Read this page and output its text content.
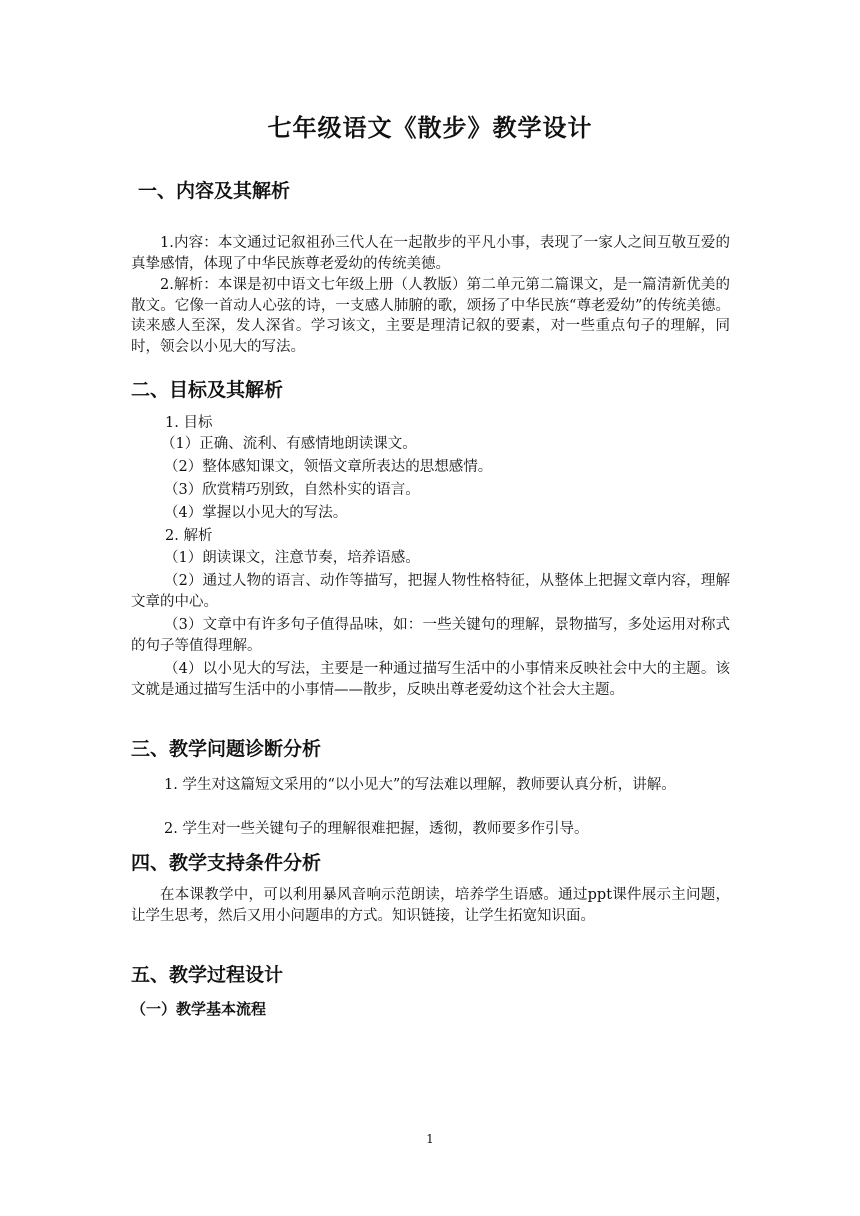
七年级语文《散步》教学设计
一、内容及其解析
1.内容：本文通过记叙祖孙三代人在一起散步的平凡小事，表现了一家人之间互敬互爱的真挚感情，体现了中华民族尊老爱幼的传统美德。
2.解析：本课是初中语文七年级上册（人教版）第二单元第二篇课文，是一篇清新优美的散文。它像一首动人心弦的诗，一支感人肺腑的歌，颂扬了中华民族“尊老爱幼”的传统美德。读来感人至深，发人深省。学习该文，主要是理清记叙的要素，对一些重点句子的理解，同时，领会以小见大的写法。
二、目标及其解析
1. 目标
（1）正确、流利、有感情地朗读课文。
（2）整体感知课文，领悟文章所表达的思想感情。
（3）欣赏精巧别致，自然朴实的语言。
（4）掌握以小见大的写法。
2. 解析
（1）朗读课文，注意节奏，培养语感。
（2）通过人物的语言、动作等描写，把握人物性格特征，从整体上把握文章内容，理解文章的中心。
（3）文章中有许多句子值得品味，如：一些关键句的理解，景物描写，多处运用对称式的句子等值得理解。
（4）以小见大的写法，主要是一种通过描写生活中的小事情来反映社会中大的主题。该文就是通过描写生活中的小事情——散步，反映出尊老爱幼这个社会大主题。
三、教学问题诊断分析
1. 学生对这篇短文采用的“以小见大”的写法难以理解，教师要认真分析，讲解。
2. 学生对一些关键句子的理解很难把握，透彻，教师要多作引导。
四、教学支持条件分析
在本课教学中，可以利用暴风音响示范朗读，培养学生语感。通过ppt课件展示主问题，让学生思考，然后又用小问题串的方式。知识链接，让学生拓宽知识面。
五、教学过程设计
（一）教学基本流程
1
